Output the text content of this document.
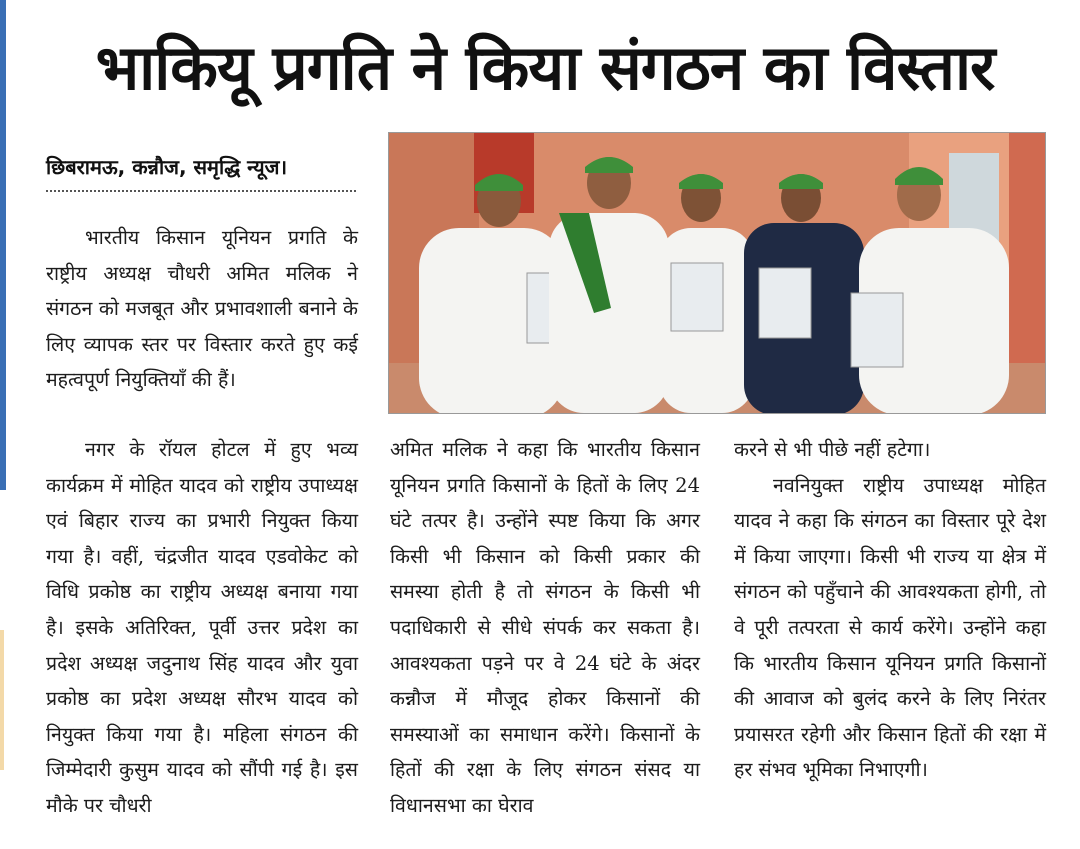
भाकियू प्रगति ने किया संगठन का विस्तार
छिबरामऊ, कन्नौज, समृद्धि न्यूज।

भारतीय किसान यूनियन प्रगति के राष्ट्रीय अध्यक्ष चौधरी अमित मलिक ने संगठन को मजबूत और प्रभावशाली बनाने के लिए व्यापक स्तर पर विस्तार करते हुए कई महत्वपूर्ण नियुक्तियाँ की हैं।

नगर के रॉयल होटल में हुए भव्य कार्यक्रम में मोहित यादव को राष्ट्रीय उपाध्यक्ष एवं बिहार राज्य का प्रभारी नियुक्त किया गया है। वहीं, चंद्रजीत यादव एडवोकेट को विधि प्रकोष्ठ का राष्ट्रीय अध्यक्ष बनाया गया है। इसके अतिरिक्त, पूर्वी उत्तर प्रदेश का प्रदेश अध्यक्ष जदुनाथ सिंह यादव और युवा प्रकोष्ठ का प्रदेश अध्यक्ष सौरभ यादव को नियुक्त किया गया है। महिला संगठन की जिम्मेदारी कुसुम यादव को सौंपी गई है। इस मौके पर चौधरी

अमित मलिक ने कहा कि भारतीय किसान यूनियन प्रगति किसानों के हितों के लिए 24 घंटे तत्पर है। उन्होंने स्पष्ट किया कि अगर किसी भी किसान को किसी प्रकार की समस्या होती है तो संगठन के किसी भी पदाधिकारी से सीधे संपर्क कर सकता है। आवश्यकता पड़ने पर वे 24 घंटे के अंदर कन्नौज में मौजूद होकर किसानों की समस्याओं का समाधान करेंगे। किसानों के हितों की रक्षा के लिए संगठन संसद या विधानसभा का घेराव

करने से भी पीछे नहीं हटेगा।

नवनियुक्त राष्ट्रीय उपाध्यक्ष मोहित यादव ने कहा कि संगठन का विस्तार पूरे देश में किया जाएगा। किसी भी राज्य या क्षेत्र में संगठन को पहुँचाने की आवश्यकता होगी, तो वे पूरी तत्परता से कार्य करेंगे। उन्होंने कहा कि भारतीय किसान यूनियन प्रगति किसानों की आवाज को बुलंद करने के लिए निरंतर प्रयासरत रहेगी और किसान हितों की रक्षा में हर संभव भूमिका निभाएगी।
